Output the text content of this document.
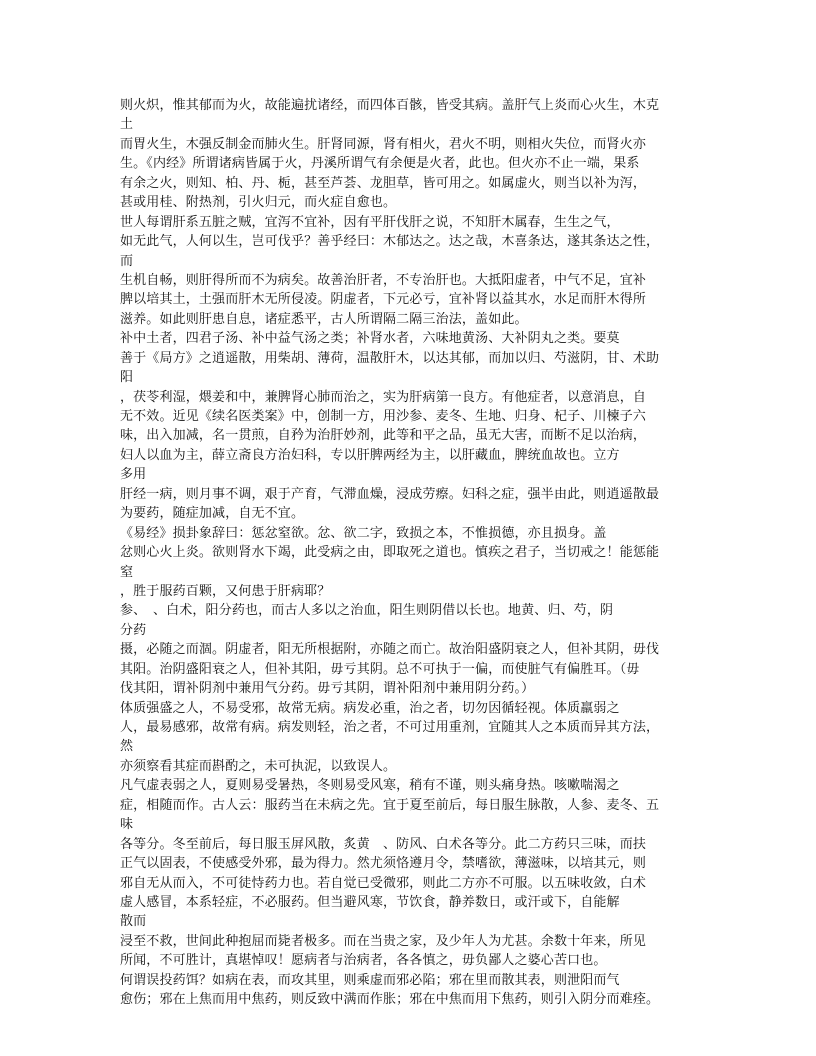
则火炽，惟其郁而为火，故能遍扰诸经，而四体百骸，皆受其病。盖肝气上炎而心火生，木克
土
而胃火生，木强反制金而肺火生。肝肾同源，肾有相火，君火不明，则相火失位，而肾火亦
生。《内经》所谓诸病皆属于火，丹溪所谓气有余便是火者，此也。但火亦不止一端，果系
有余之火，则知、柏、丹、栀，甚至芦荟、龙胆草，皆可用之。如属虚火，则当以补为泻，
甚或用桂、附热剂，引火归元，而火症自愈也。
世人每谓肝系五脏之贼，宜泻不宜补，因有平肝伐肝之说，不知肝木属春，生生之气，
如无此气，人何以生，岂可伐乎？善乎经曰：木郁达之。达之哉，木喜条达，遂其条达之性，
而
生机自畅，则肝得所而不为病矣。故善治肝者，不专治肝也。大抵阳虚者，中气不足，宜补
脾以培其土，土强而肝木无所侵凌。阴虚者，下元必亏，宜补肾以益其水，水足而肝木得所
滋养。如此则肝患自息，诸症悉平，古人所谓隔二隔三治法，盖如此。
补中土者，四君子汤、补中益气汤之类；补肾水者，六味地黄汤、大补阴丸之类。要莫
善于《局方》之逍遥散，用柴胡、薄荷，温散肝木，以达其郁，而加以归、芍滋阴，甘、术助
阳
，茯苓利湿，煨姜和中，兼脾肾心肺而治之，实为肝病第一良方。有他症者，以意消息，自
无不效。近见《续名医类案》中，创制一方，用沙参、麦冬、生地、归身、杞子、川楝子六
味，出入加减，名一贯煎，自矜为治肝妙剂，此等和平之品，虽无大害，而断不足以治病，
妇人以血为主，薛立斋良方治妇科，专以肝脾两经为主，以肝藏血，脾统血故也。立方
多用
肝经一病，则月事不调，艰于产育，气滞血燥，浸成劳瘵。妇科之症，强半由此，则逍遥散最
为要药，随症加减，自无不宜。
《易经》损卦象辞曰：惩忿窒欲。忿、欲二字，致损之本，不惟损德，亦且损身。盖
忿则心火上炎。欲则肾水下竭，此受病之由，即取死之道也。慎疾之君子，当切戒之！能惩能
窒
，胜于服药百颗，又何患于肝病耶？
参、　、白术，阳分药也，而古人多以之治血，阳生则阴借以长也。地黄、归、芍，阴
分药
摄，必随之而涸。阴虚者，阳无所根据附，亦随之而亡。故治阳盛阴衰之人，但补其阴，毋伐
其阳。治阴盛阳衰之人，但补其阳，毋亏其阴。总不可执于一偏，而使脏气有偏胜耳。（毋
伐其阳，谓补阴剂中兼用气分药。毋亏其阴，谓补阳剂中兼用阴分药。）
体质强盛之人，不易受邪，故常无病。病发必重，治之者，切勿因循轻视。体质羸弱之
人，最易感邪，故常有病。病发则轻，治之者，不可过用重剂，宜随其人之本质而异其方法，
然
亦须察看其症而斟酌之，未可执泥，以致误人。
凡气虚表弱之人，夏则易受暑热，冬则易受风寒，稍有不谨，则头痛身热。咳嗽喘渴之
症，相随而作。古人云：服药当在未病之先。宜于夏至前后，每日服生脉散，人参、麦冬、五
味
各等分。冬至前后，每日服玉屏风散，炙黄　、防风、白术各等分。此二方药只三味，而扶
正气以固表，不使感受外邪，最为得力。然尤须恪遵月令，禁嗜欲，薄滋味，以培其元，则
邪自无从而入，不可徒恃药力也。若自觉已受微邪，则此二方亦不可服。以五味收敛，白术
虚人感冒，本系轻症，不必服药。但当避风寒，节饮食，静养数日，或汗或下，自能解
散而
浸至不救，世间此种抱屈而毙者极多。而在当贵之家，及少年人为尤甚。余数十年来，所见
所闻，不可胜计，真堪悼叹！愿病者与治病者，各各慎之，毋负鄙人之婆心苦口也。
何谓误投药饵？如病在表，而攻其里，则乘虚而邪必陷；邪在里而散其表，则泄阳而气
愈伤；邪在上焦而用中焦药，则反致中满而作胀；邪在中焦而用下焦药，则引入阴分而难痊。
